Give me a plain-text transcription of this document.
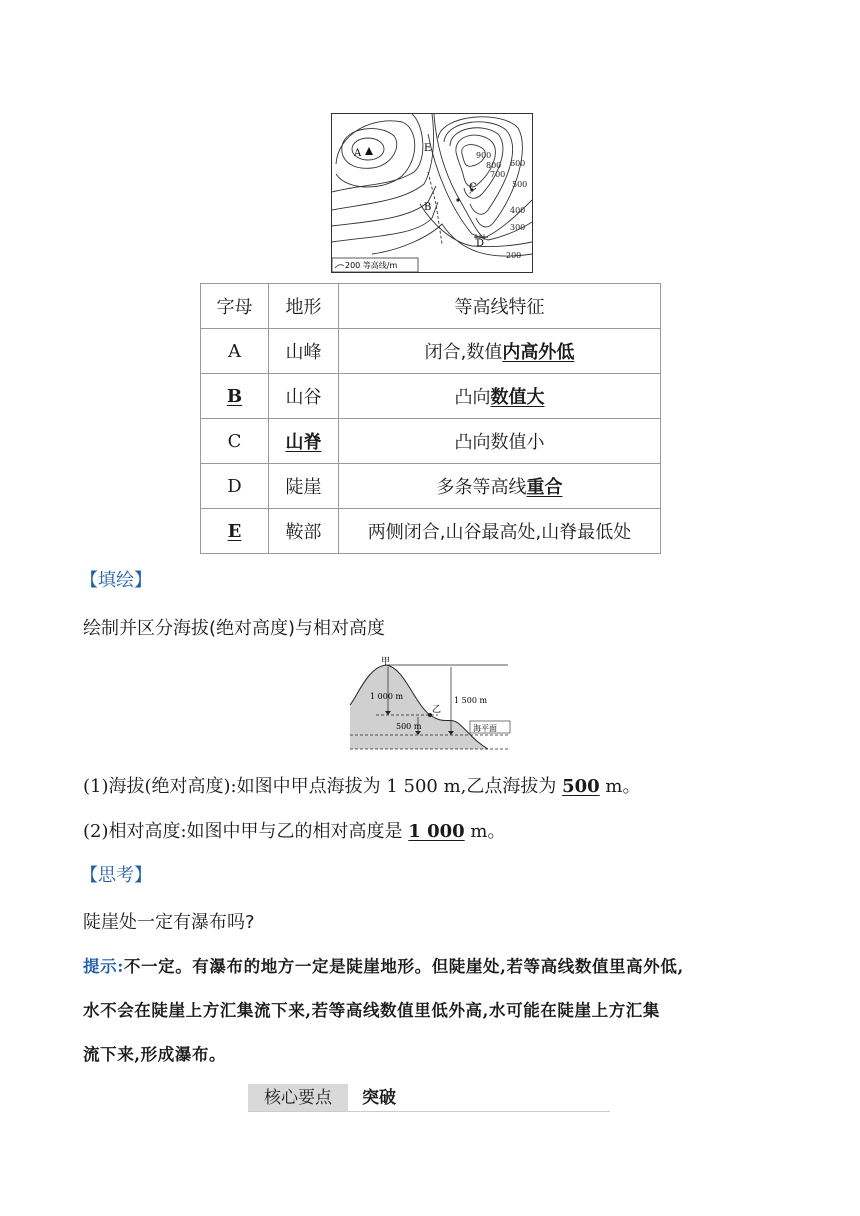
A	E
B
C
D
900
800
700
600
500
400
300
200
200 等高线/m
字母	地形	等高线特征
A	山峰	闭合,数值内高外低
B	山谷	凸向数值大
C	山脊	凸向数值小
D	陡崖	多条等高线重合
E	鞍部	两侧闭合,山谷最高处,山脊最低处
【填绘】
绘制并区分海拔(绝对高度)与相对高度
甲
乙
1 000 m	1 500 m
500 m	海平面
(1)海拔(绝对高度):如图中甲点海拔为 1 500 m,乙点海拔为 500 m。
(2)相对高度:如图中甲与乙的相对高度是 1 000 m。
【思考】
陡崖处一定有瀑布吗?
提示:不一定。有瀑布的地方一定是陡崖地形。但陡崖处,若等高线数值里高外低,
水不会在陡崖上方汇集流下来,若等高线数值里低外高,水可能在陡崖上方汇集
流下来,形成瀑布。
核心要点	突破
